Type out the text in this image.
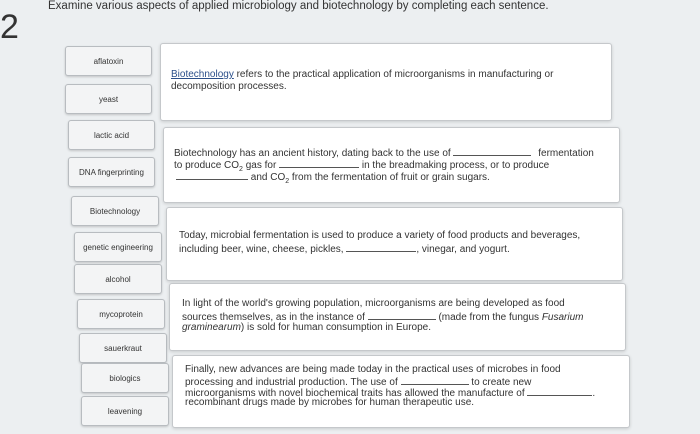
2
Examine various aspects of applied microbiology and biotechnology by completing each sentence.
aflatoxin
yeast
lactic acid
DNA fingerprinting
Biotechnology
genetic engineering
alcohol
mycoprotein
sauerkraut
biologics
leavening
Biotechnology refers to the practical application of microorganisms in manufacturing or
decomposition processes.
Biotechnology has an ancient history, dating back to the use of	fermentation
to produce $CO_2$ gas for	in the breadmaking process, or to produce
and $CO_2$ from the fermentation of fruit or grain sugars.
Today, microbial fermentation is used to produce a variety of food products and beverages,
including beer, wine, cheese, pickles,	, vinegar, and yogurt.
In light of the world's growing population, microorganisms are being developed as food
sources themselves, as in the instance of	(made from the fungus Fusarium
graminearum) is sold for human consumption in Europe.
Finally, new advances are being made today in the practical uses of microbes in food
processing and industrial production. The use of	to create new
microorganisms with novel biochemical traits has allowed the manufacture of	.
recombinant drugs made by microbes for human therapeutic use.
